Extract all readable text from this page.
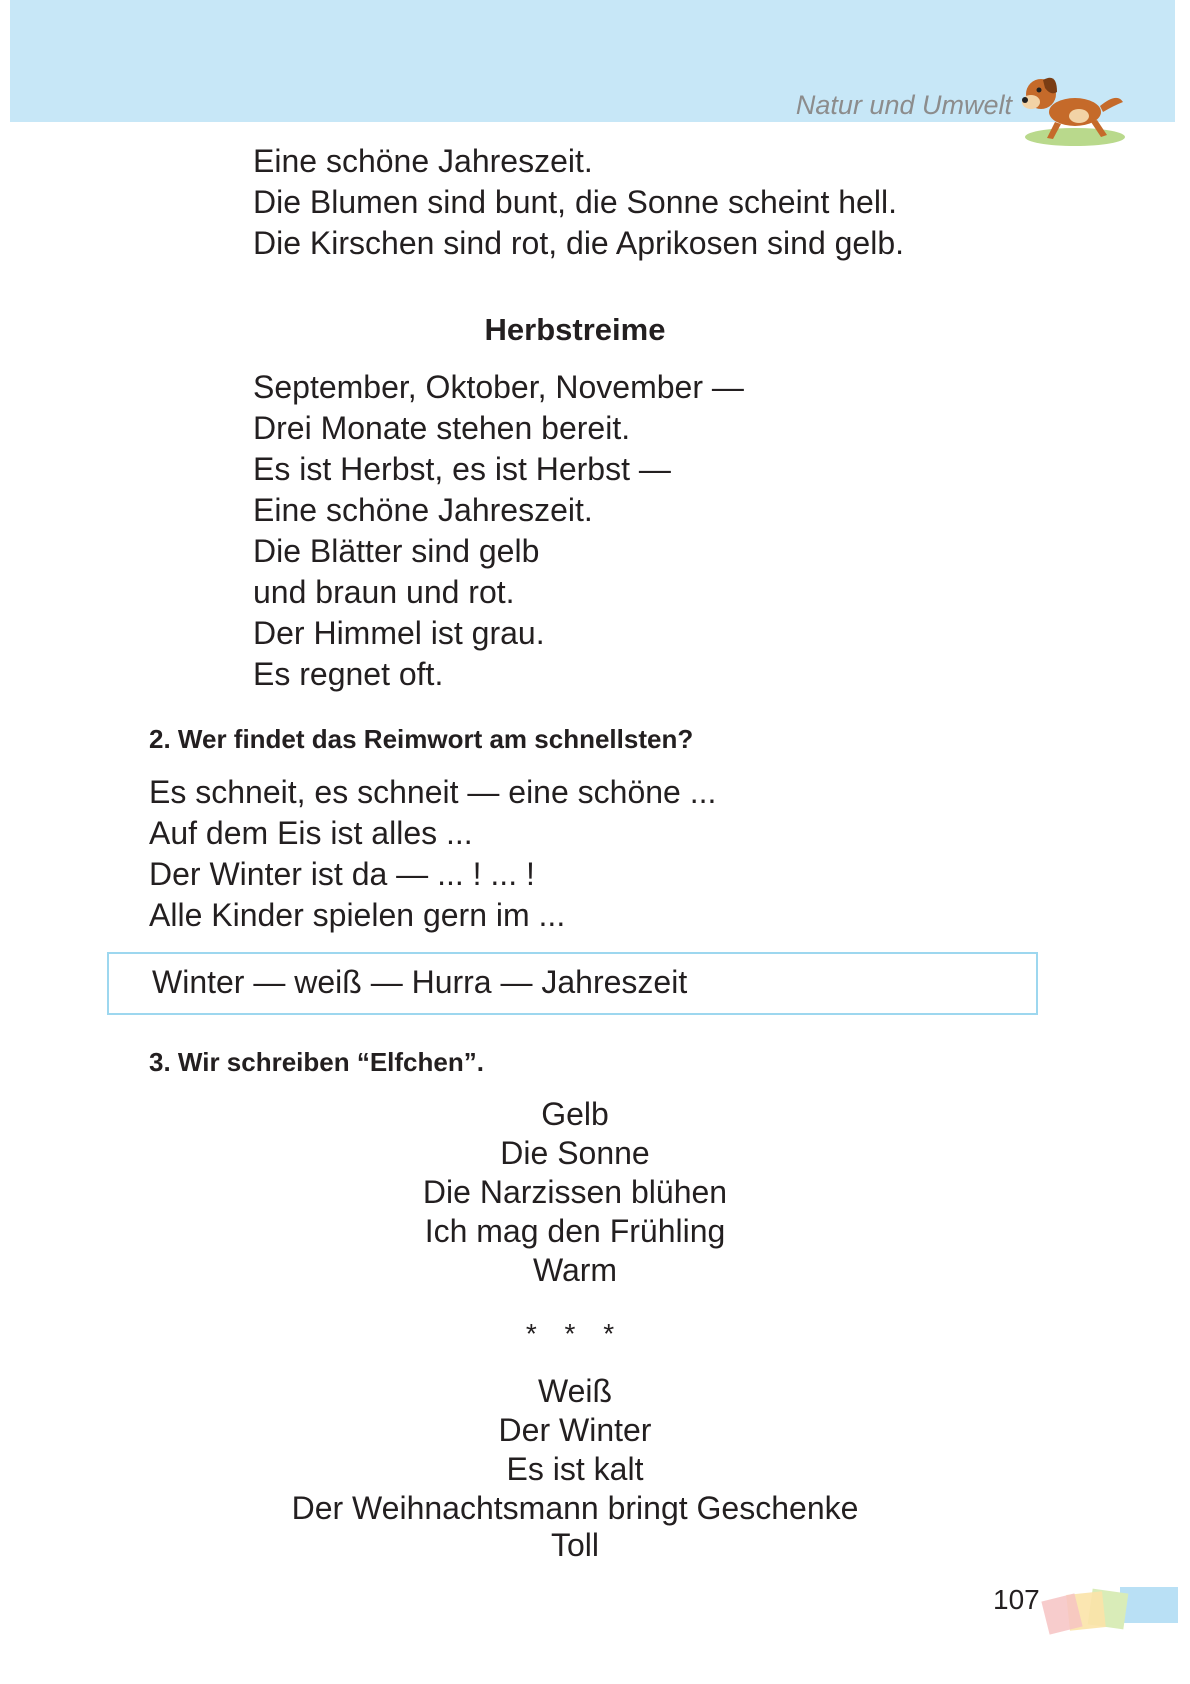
Natur und Umwelt
Eine schöne Jahreszeit.
Die Blumen sind bunt, die Sonne scheint hell.
Die Kirschen sind rot, die Aprikosen sind gelb.
Herbstreime
September, Oktober, November —
Drei Monate stehen bereit.
Es ist Herbst, es ist Herbst —
Eine schöne Jahreszeit.
Die Blätter sind gelb
und braun und rot.
Der Himmel ist grau.
Es regnet oft.
2. Wer findet das Reimwort am schnellsten?
Es schneit, es schneit — eine schöne ...
Auf dem Eis ist alles ...
Der Winter ist da — ... ! ... !
Alle Kinder spielen gern im ...
Winter — weiß — Hurra — Jahreszeit
3. Wir schreiben “Elfchen”.
Gelb
Die Sonne
Die Narzissen blühen
Ich mag den Frühling
Warm
* * *
Weiß
Der Winter
Es ist kalt
Der Weihnachtsmann bringt Geschenke
Toll
107
